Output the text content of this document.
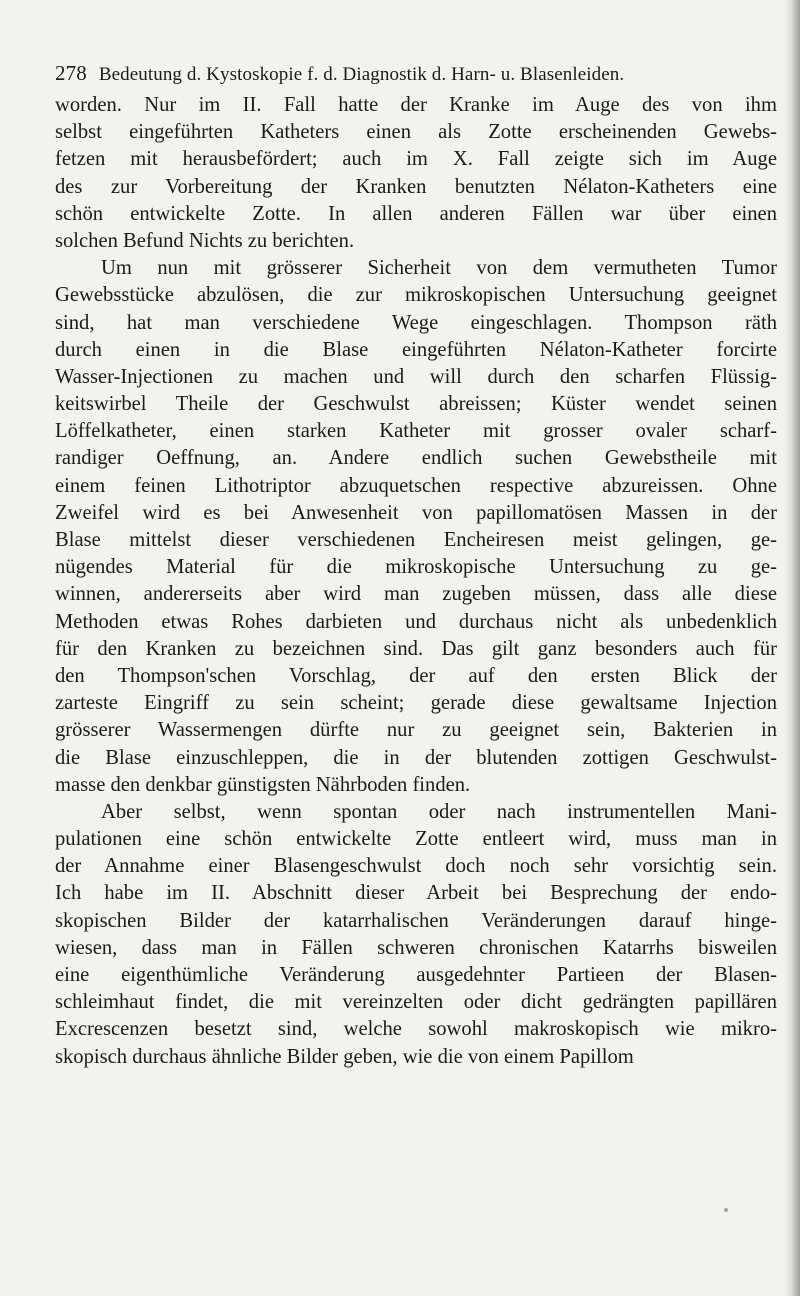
278 Bedeutung d. Kystoskopie f. d. Diagnostik d. Harn- u. Blasenleiden.
worden. Nur im II. Fall hatte der Kranke im Auge des von ihm
selbst eingeführten Katheters einen als Zotte erscheinenden Gewebs-
fetzen mit herausbefördert; auch im X. Fall zeigte sich im Auge
des zur Vorbereitung der Kranken benutzten Nélaton-Katheters eine
schön entwickelte Zotte. In allen anderen Fällen war über einen
solchen Befund Nichts zu berichten.
Um nun mit grösserer Sicherheit von dem vermutheten Tumor
Gewebsstücke abzulösen, die zur mikroskopischen Untersuchung geeignet
sind, hat man verschiedene Wege eingeschlagen. Thompson räth
durch einen in die Blase eingeführten Nélaton-Katheter forcirte
Wasser-Injectionen zu machen und will durch den scharfen Flüssig-
keitswirbel Theile der Geschwulst abreissen; Küster wendet seinen
Löffelkatheter, einen starken Katheter mit grosser ovaler scharf-
randiger Oeffnung, an. Andere endlich suchen Gewebstheile mit
einem feinen Lithotriptor abzuquetschen respective abzureissen. Ohne
Zweifel wird es bei Anwesenheit von papillomatösen Massen in der
Blase mittelst dieser verschiedenen Encheiresen meist gelingen, ge-
nügendes Material für die mikroskopische Untersuchung zu ge-
winnen, andererseits aber wird man zugeben müssen, dass alle diese
Methoden etwas Rohes darbieten und durchaus nicht als unbedenklich
für den Kranken zu bezeichnen sind. Das gilt ganz besonders auch für
den Thompson'schen Vorschlag, der auf den ersten Blick der
zarteste Eingriff zu sein scheint; gerade diese gewaltsame Injection
grösserer Wassermengen dürfte nur zu geeignet sein, Bakterien in
die Blase einzuschleppen, die in der blutenden zottigen Geschwulst-
masse den denkbar günstigsten Nährboden finden.
Aber selbst, wenn spontan oder nach instrumentellen Mani-
pulationen eine schön entwickelte Zotte entleert wird, muss man in
der Annahme einer Blasengeschwulst doch noch sehr vorsichtig sein.
Ich habe im II. Abschnitt dieser Arbeit bei Besprechung der endo-
skopischen Bilder der katarrhalischen Veränderungen darauf hinge-
wiesen, dass man in Fällen schweren chronischen Katarrhs bisweilen
eine eigenthümliche Veränderung ausgedehnter Partieen der Blasen-
schleimhaut findet, die mit vereinzelten oder dicht gedrängten papillären
Excrescenzen besetzt sind, welche sowohl makroskopisch wie mikro-
skopisch durchaus ähnliche Bilder geben, wie die von einem Papillom
